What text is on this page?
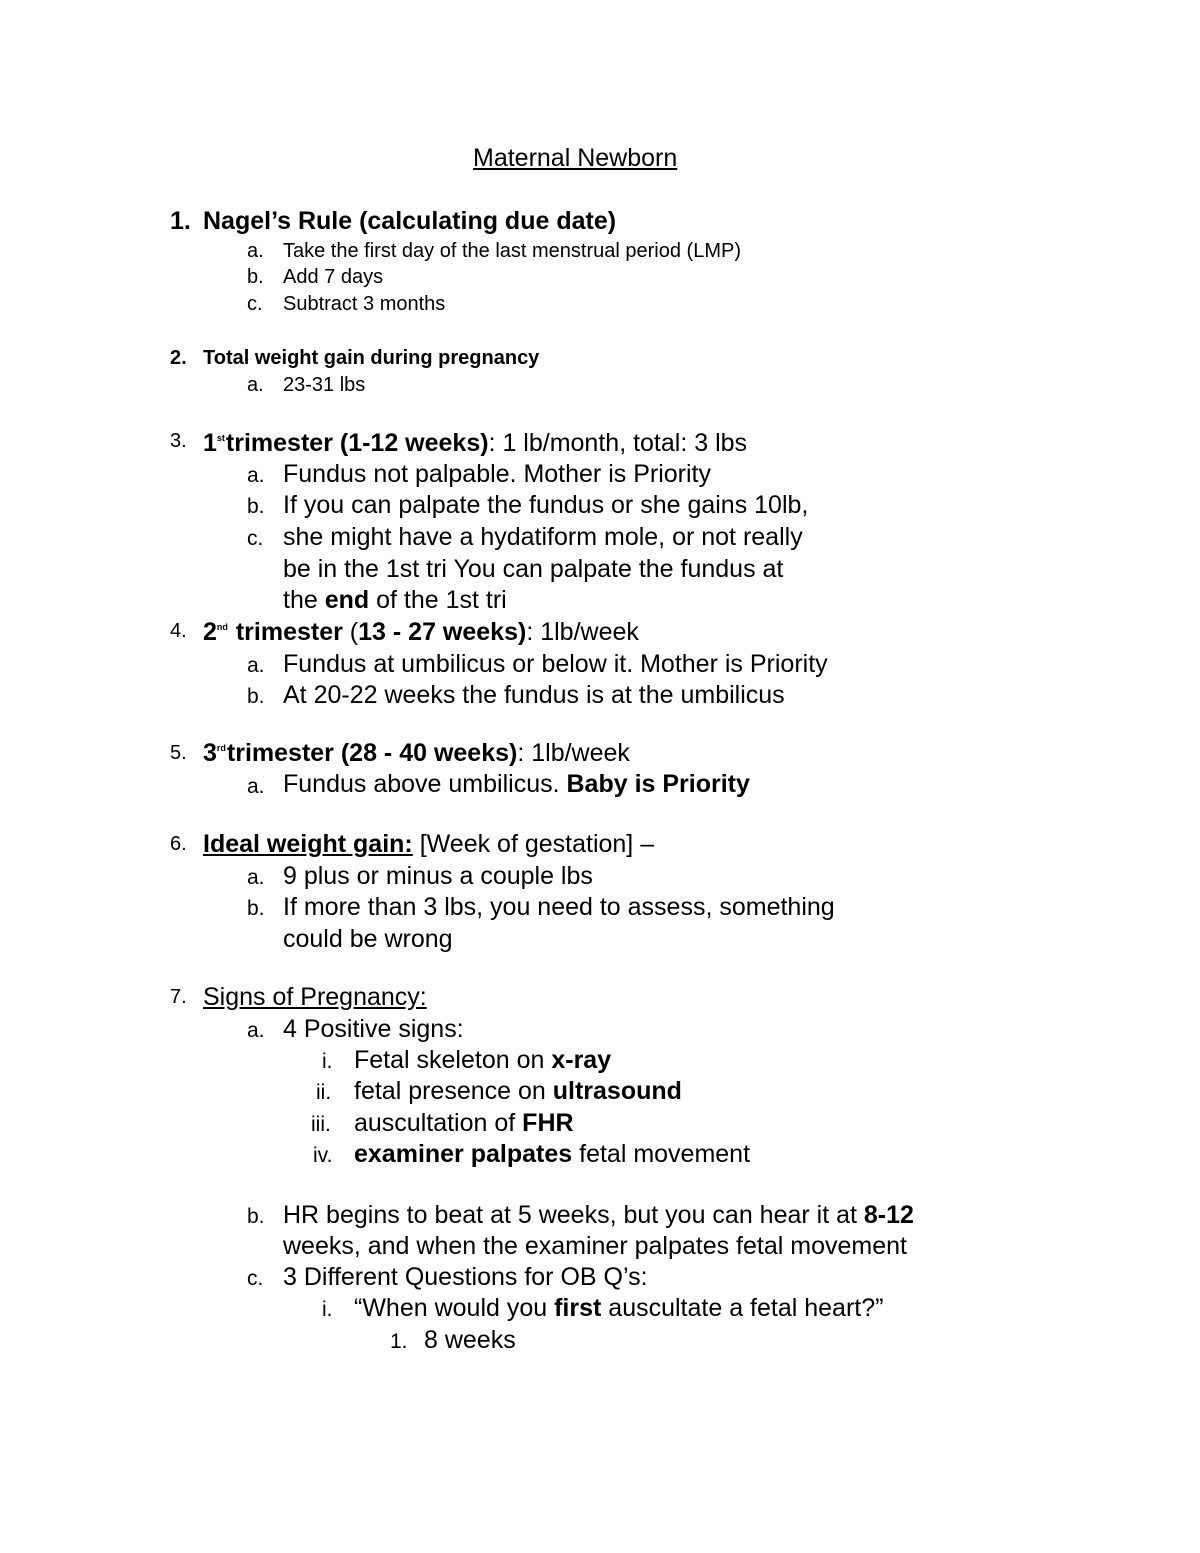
Maternal Newborn
1. Nagel’s Rule (calculating due date)
a. Take the first day of the last menstrual period (LMP)
b. Add 7 days
c. Subtract 3 months
2. Total weight gain during pregnancy
a. 23-31 lbs
3. 1sttrimester (1-12 weeks): 1 lb/month, total: 3 lbs
a. Fundus not palpable. Mother is Priority
b. If you can palpate the fundus or she gains 10lb,
c. she might have a hydatiform mole, or not really
be in the 1st tri You can palpate the fundus at
the end of the 1st tri
4. 2nd trimester (13 - 27 weeks): 1lb/week
a. Fundus at umbilicus or below it. Mother is Priority
b. At 20-22 weeks the fundus is at the umbilicus
5. 3rdtrimester (28 - 40 weeks): 1lb/week
a. Fundus above umbilicus. Baby is Priority
6. Ideal weight gain: [Week of gestation] –
a. 9 plus or minus a couple lbs
b. If more than 3 lbs, you need to assess, something
could be wrong
7. Signs of Pregnancy:
a. 4 Positive signs:
i. Fetal skeleton on x-ray
ii. fetal presence on ultrasound
iii. auscultation of FHR
iv. examiner palpates fetal movement
b. HR begins to beat at 5 weeks, but you can hear it at 8-12
weeks, and when the examiner palpates fetal movement
c. 3 Different Questions for OB Q’s:
i. “When would you first auscultate a fetal heart?”
1. 8 weeks
